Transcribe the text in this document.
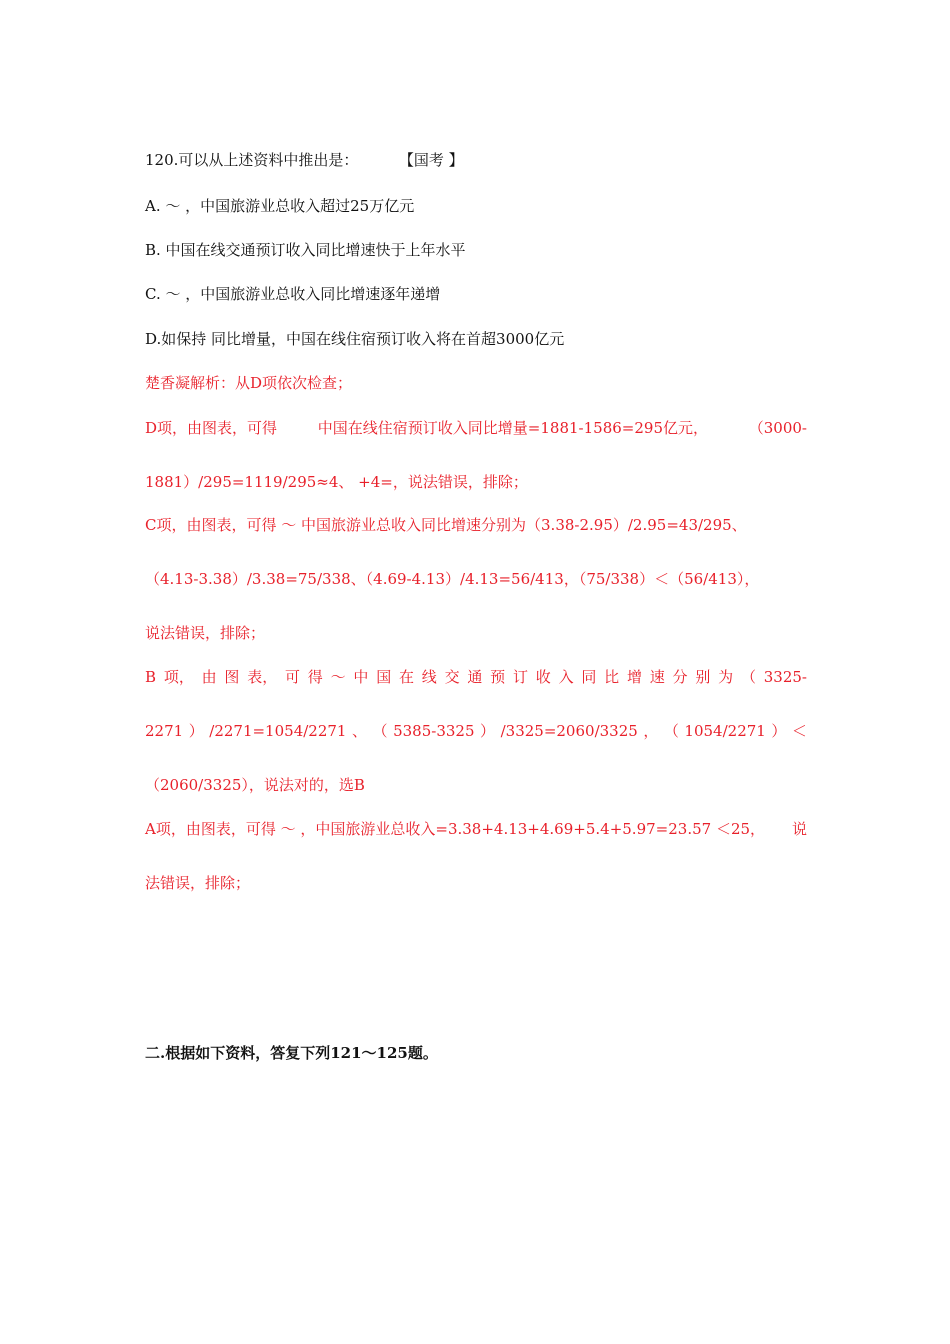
120.可以从上述资料中推出是：	【国考 】
A. ～ ，中国旅游业总收入超过25万亿元
B. 中国在线交通预订收入同比增速快于上年水平
C. ～ ，中国旅游业总收入同比增速逐年递增
D.如保持 同比增量，中国在线住宿预订收入将在首超3000亿元
楚香凝解析：从D项依次检查；
D项，由图表，可得	中国在线住宿预订收入同比增量=1881-1586=295亿元，	（3000-
1881）/295=1119/295≈4、 +4=，说法错误，排除；
C项，由图表，可得 ～ 中国旅游业总收入同比增速分别为（3.38-2.95）/2.95=43/295、
（4.13-3.38）/3.38=75/338、（4.69-4.13）/4.13=56/413，（75/338）＜（56/413），
说法错误，排除；
B 项， 由 图 表， 可 得 ～ 中 国 在 线 交 通 预 订 收 入 同 比 增 速 分 别 为 （ 3325-
2271 ） /2271=1054/2271 、 （ 5385-3325 ） /3325=2060/3325 ， （ 1054/2271 ） ＜
（2060/3325），说法对的，选B
A项，由图表，可得 ～ ，中国旅游业总收入=3.38+4.13+4.69+5.4+5.97=23.57 ＜25， 说
法错误，排除；
二.根据如下资料，答复下列121～125题。
